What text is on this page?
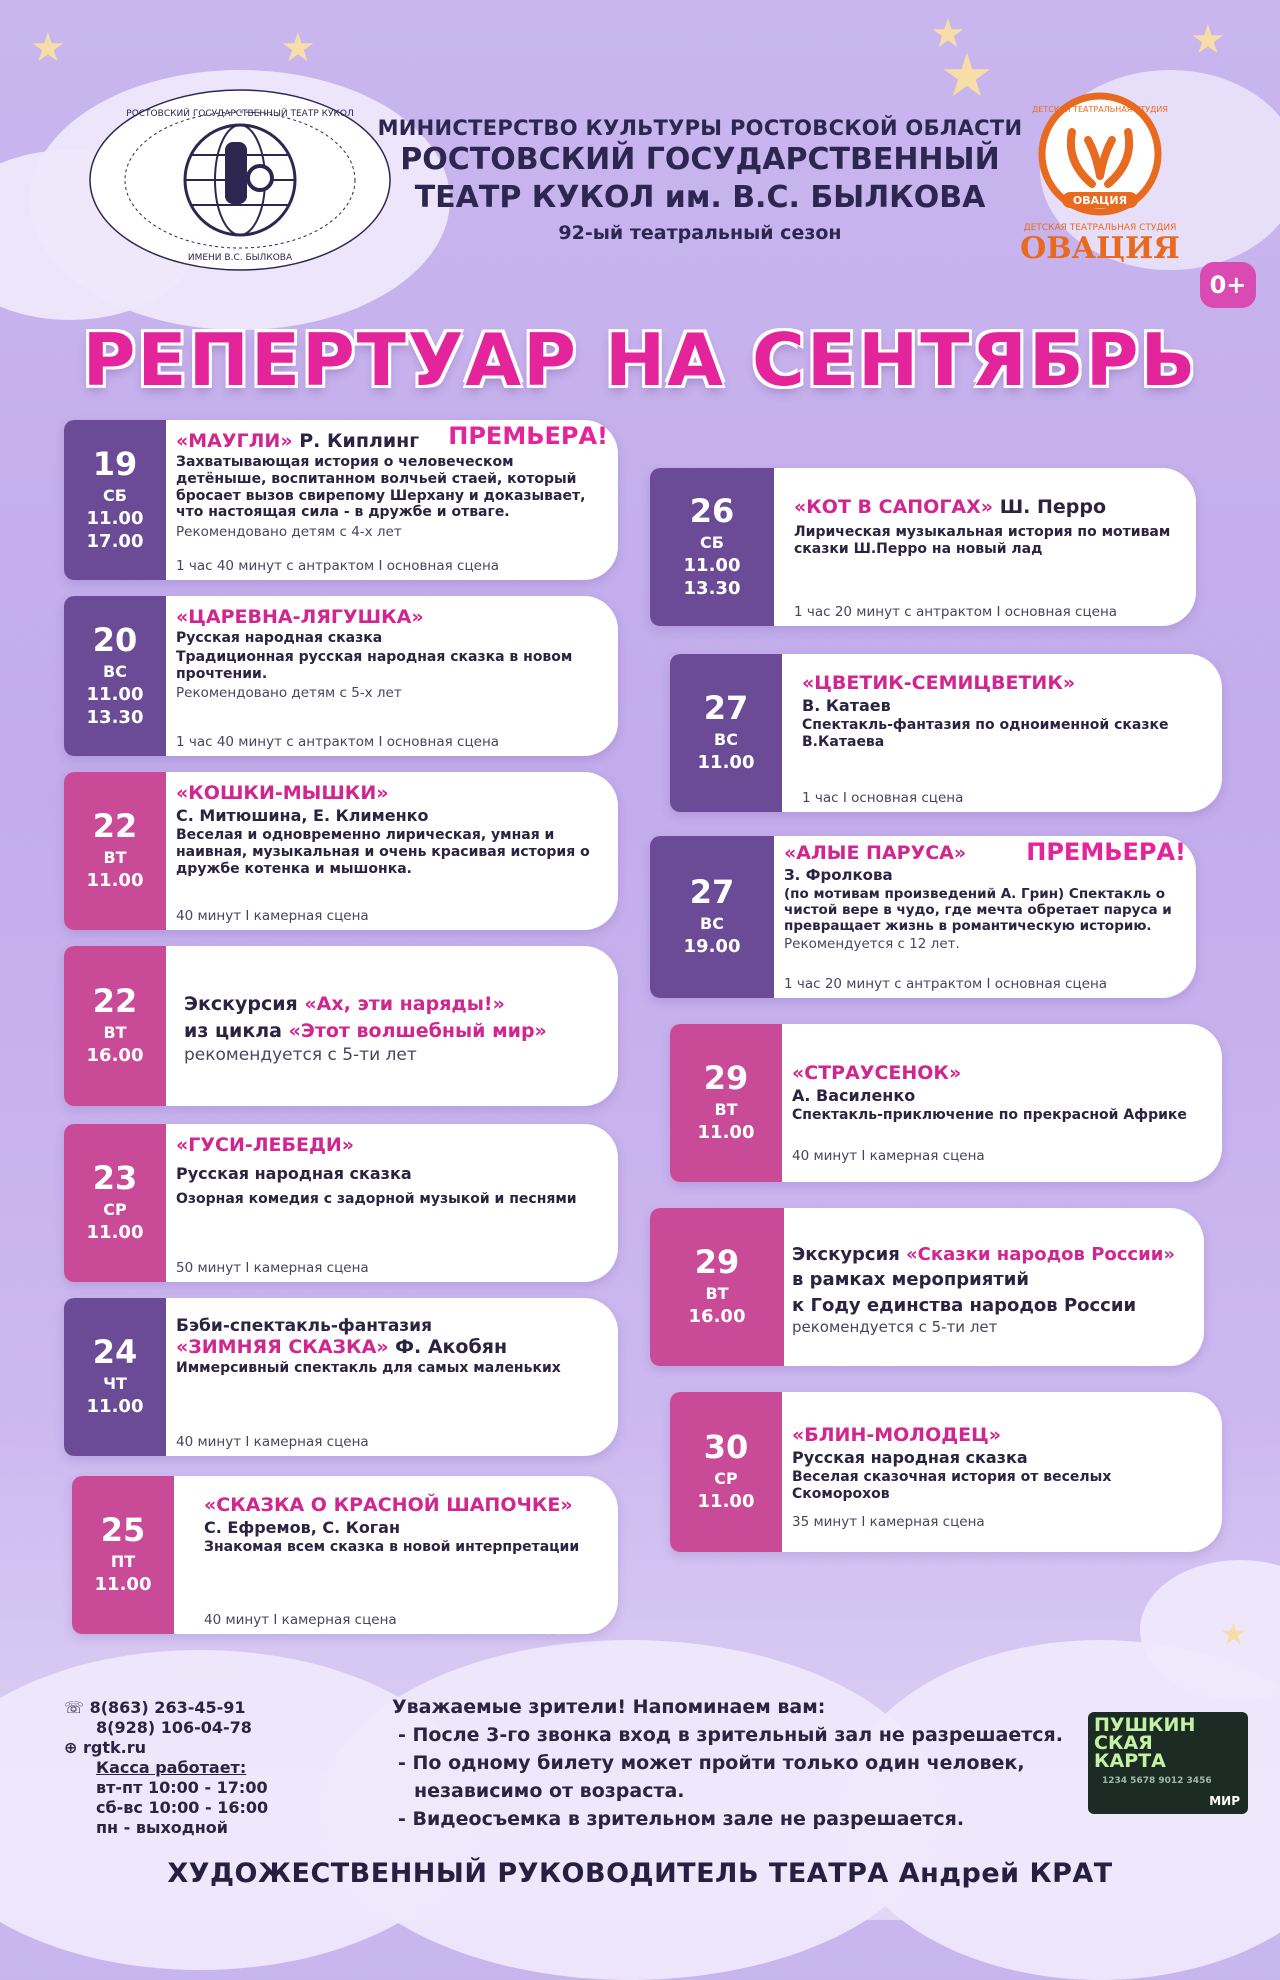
★	★	★
★
★
★
РОСТОВСКИЙ ГОСУДАРСТВЕННЫЙ ТЕАТР КУКОЛ
ИМЕНИ В.С. БЫЛКОВА
МИНИСТЕРСТВО КУЛЬТУРЫ РОСТОВСКОЙ ОБЛАСТИ
РОСТОВСКИЙ ГОСУДАРСТВЕННЫЙ
ТЕАТР КУКОЛ им. В.С. БЫЛКОВА
92-ый театральный сезон
ДЕТСКАЯ ТЕАТРАЛЬНАЯ СТУДИЯ
ОВАЦИЯ
ДЕТСКАЯ ТЕАТРАЛЬНАЯ СТУДИЯ
ОВАЦИЯ
0+
РЕПЕРТУАР НА СЕНТЯБРЬ
19
СБ
11.00
17.00
ПРЕМЬЕРА!
«МАУГЛИ» Р. Киплинг
Захватывающая история о человеческом детёныше, воспитанном волчьей стаей, который бросает вызов свирепому Шерхану и доказывает, что настоящая сила - в дружбе и отваге.
Рекомендовано детям с 4-х лет
1 час 40 минут с антрактом I основная сцена
20
ВС
11.00
13.30
«ЦАРЕВНА-ЛЯГУШКА»
Русская народная сказка
Традиционная русская народная сказка в новом прочтении.
Рекомендовано детям с 5-х лет
1 час 40 минут с антрактом I основная сцена
22
ВТ
11.00
«КОШКИ-МЫШКИ»
С. Митюшина, Е. Клименко
Веселая и одновременно лирическая, умная и наивная, музыкальная и очень красивая история о дружбе котенка и мышонка.
40 минут I камерная сцена
22
ВТ
16.00
Экскурсия «Ах, эти наряды!»
из цикла «Этот волшебный мир»
рекомендуется с 5-ти лет
23
СР
11.00
«ГУСИ-ЛЕБЕДИ»
Русская народная сказка
Озорная комедия с задорной музыкой и песнями
50 минут I камерная сцена
24
ЧТ
11.00
Бэби-спектакль-фантазия
«ЗИМНЯЯ СКАЗКА» Ф. Акобян
Иммерсивный спектакль для самых маленьких
40 минут I камерная сцена
25
ПТ
11.00
«СКАЗКА О КРАСНОЙ ШАПОЧКЕ»
С. Ефремов, С. Коган
Знакомая всем сказка в новой интерпретации
40 минут I камерная сцена
26
СБ
11.00
13.30
«КОТ В САПОГАХ» Ш. Перро
Лирическая музыкальная история по мотивам сказки Ш.Перро на новый лад
1 час 20 минут с антрактом I основная сцена
27
ВС
11.00
«ЦВЕТИК-СЕМИЦВЕТИК»
В. Катаев
Спектакль-фантазия по одноименной сказке В.Катаева
1 час I основная сцена
27
ВС
19.00
ПРЕМЬЕРА!
«АЛЫЕ ПАРУСА»
З. Фролкова
(по мотивам произведений А. Грин) Спектакль о чистой вере в чудо, где мечта обретает паруса и превращает жизнь в романтическую историю.
Рекомендуется с 12 лет.
1 час 20 минут с антрактом I основная сцена
29
ВТ
11.00
«СТРАУСЕНОК»
А. Василенко
Спектакль-приключение по прекрасной Африке
40 минут I камерная сцена
29
ВТ
16.00
Экскурсия «Сказки народов России»
в рамках мероприятий
к Году единства народов России
рекомендуется с 5-ти лет
30
СР
11.00
«БЛИН-МОЛОДЕЦ»
Русская народная сказка
Веселая сказочная история от веселых Скоморохов
35 минут I камерная сцена
☏ 8(863) 263-45-91
8(928) 106-04-78
⊕ rgtk.ru
Касса работает:
вт-пт 10:00 - 17:00
сб-вс 10:00 - 16:00
пн - выходной
Уважаемые зрители! Напоминаем вам:
- После 3-го звонка вход в зрительный зал не разрешается.
- По одному билету может пройти только один человек,
независимо от возраста.
- Видеосъемка в зрительном зале не разрешается.
ПУШКИН
СКАЯ
КАРТА
1234 5678 9012 3456
МИР
ХУДОЖЕСТВЕННЫЙ РУКОВОДИТЕЛЬ ТЕАТРА Андрей КРАТ
